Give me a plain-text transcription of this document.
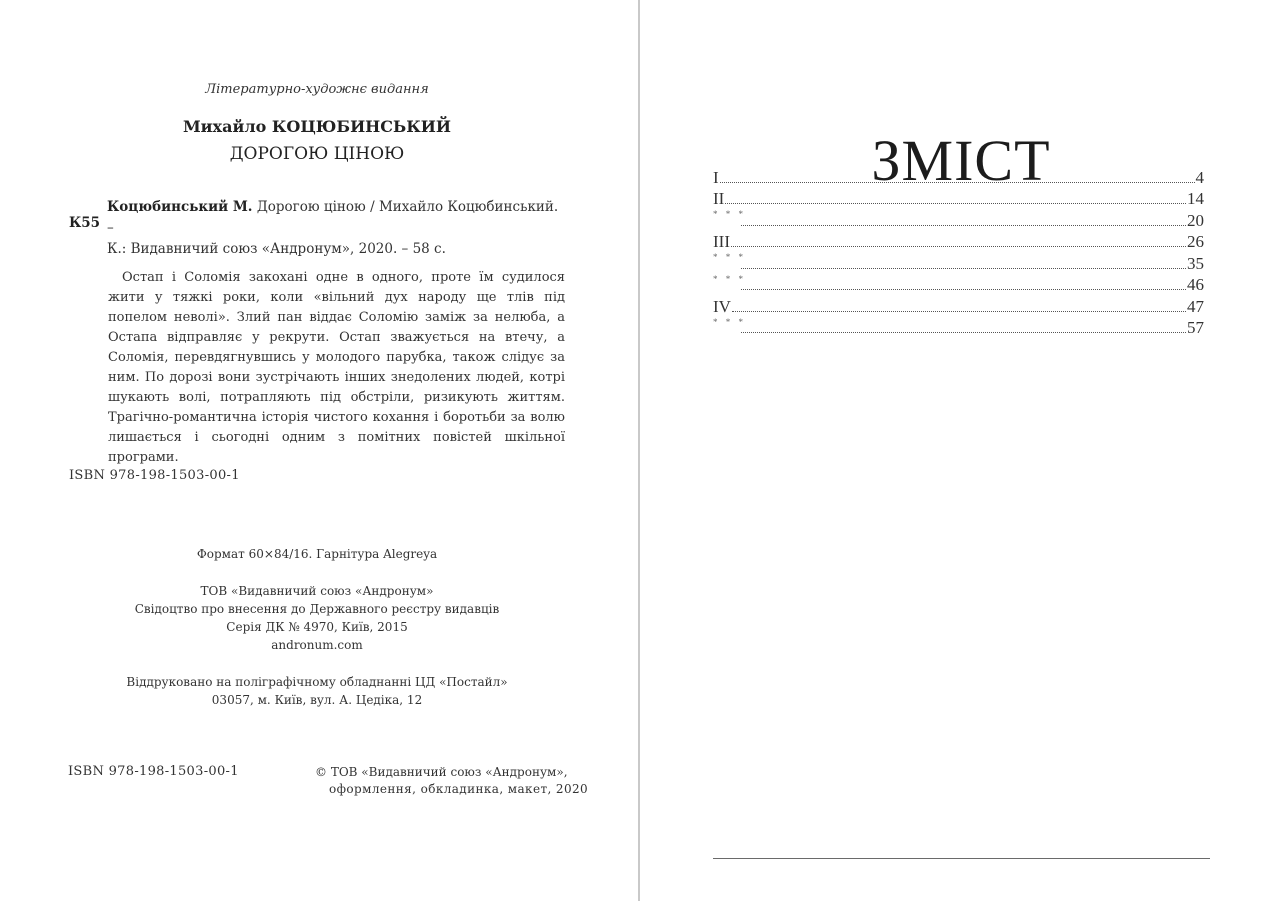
Літературно-художнє видання
Михайло КОЦЮБИНСЬКИЙ
ДОРОГОЮ ЦІНОЮ
К55
Коцюбинський М. Дорогою ціною / Михайло Коцюбинський. –
К.: Видавничий союз «Андронум», 2020. – 58 с.
Остап і Соломія закохані одне в одного, проте їм судилося жити у тяжкі роки, коли «вільний дух народу ще тлів під попелом неволі». Злий пан віддає Соломію заміж за нелюба, а Остапа відправляє у рекрути. Остап зважується на втечу, а Соломія, перевдягнувшись у молодого парубка, також слідує за ним. По дорозі вони зустрічають інших знедолених людей, котрі шукають волі, потрапляють під обстріли, ризикують життям. Трагічно-романтична історія чистого кохання і боротьби за волю лишається і сьогодні одним з помітних повістей шкільної програми.
ISBN 978-198-1503-00-1
Формат 60×84/16. Гарнітура Alegreya
ТОВ «Видавничий союз «Андронум»
Свідоцтво про внесення до Державного реєстру видавців
Серія ДК № 4970, Київ, 2015
andronum.com
Віддруковано на поліграфічному обладнанні ЦД «Постайл»
03057, м. Київ, вул. А. Цедіка, 12
ISBN 978-198-1503-00-1	© ТОВ «Видавничий союз «Андронум»,
оформлення, обкладинка, макет, 2020
ЗМІСТ
I	4
II	14
* * *	20
III	26
* * *	35
* * *	46
IV	47
* * *	57
